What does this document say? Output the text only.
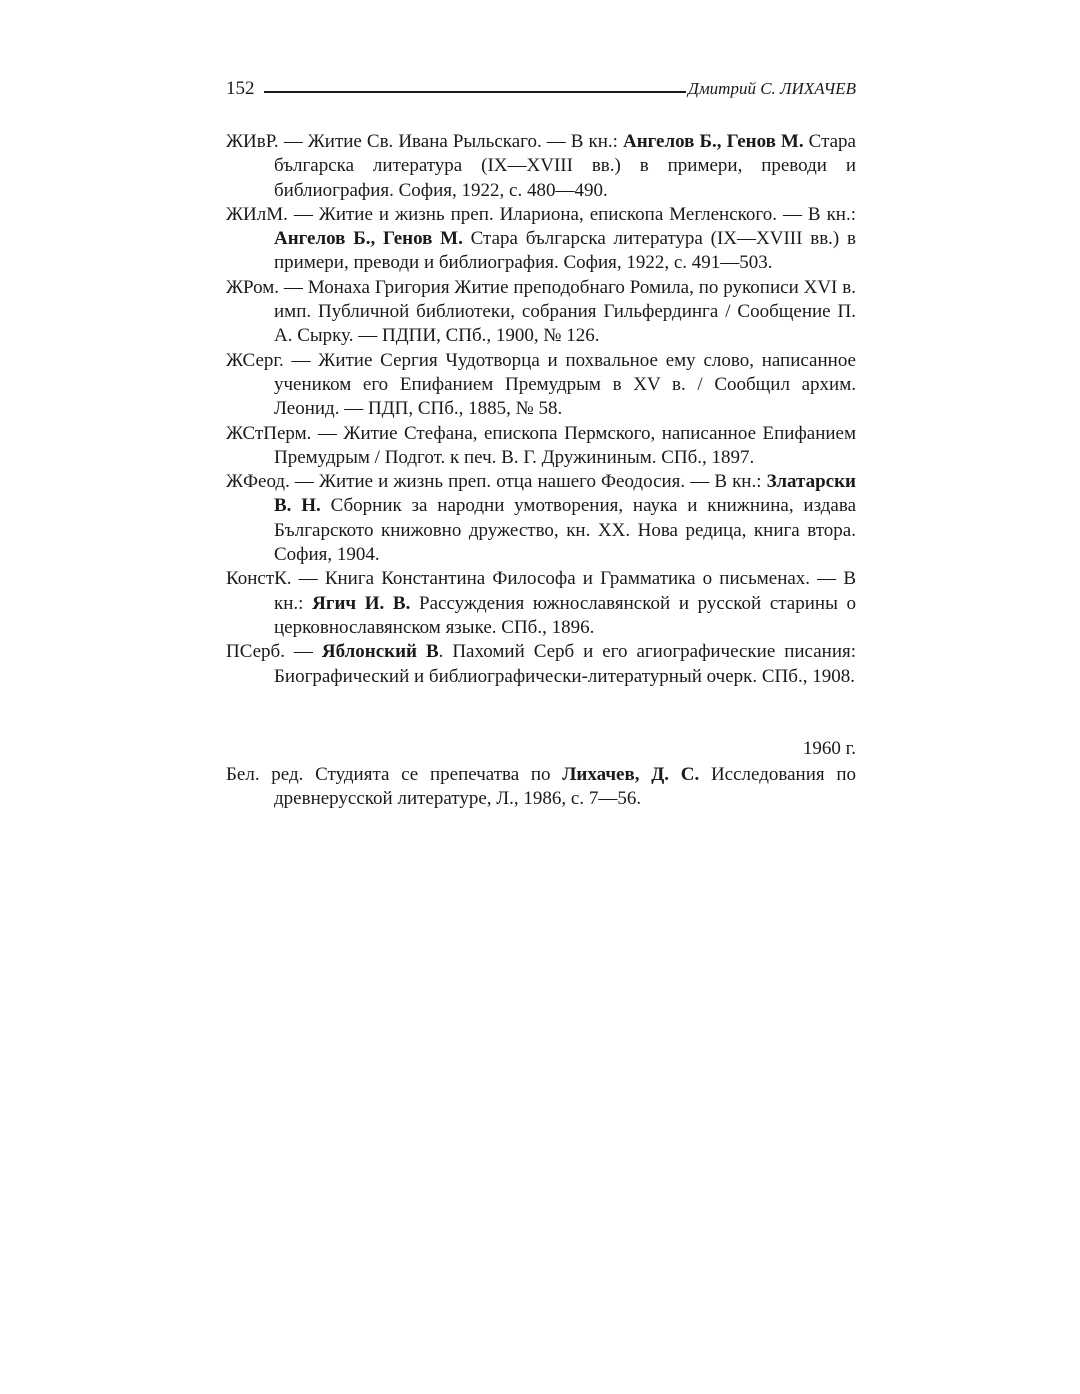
152	Дмитрий С. ЛИХАЧЕВ

ЖИвР. — Житие Св. Ивана Рыльскаго. — В кн.: Ангелов Б., Генов М. Стара българска литература (IX—XVIII вв.) в примери, преводи и библиография. София, 1922, с. 480—490.

ЖИлМ. — Житие и жизнь преп. Илариона, епископа Мегленского. — В кн.: Ангелов Б., Генов М. Стара българска литература (IX—XVIII вв.) в примери, преводи и библиография. София, 1922, с. 491—503.

ЖРом. — Монаха Григория Житие преподобнаго Ромила, по рукописи XVI в. имп. Публичной библиотеки, собрания Гильфердинга / Сообщение П. А. Сырку. — ПДПИ, СПб., 1900, № 126.

ЖСерг. — Житие Сергия Чудотворца и похвальное ему слово, написанное учеником его Епифанием Премудрым в XV в. / Сообщил архим. Леонид. — ПДП, СПб., 1885, № 58.

ЖСтПерм. — Житие Стефана, епископа Пермского, написанное Епифанием Премудрым / Подгот. к печ. В. Г. Дружининым. СПб., 1897.

ЖФеод. — Житие и жизнь преп. отца нашего Феодосия. — В кн.: Златарски В. Н. Сборник за народни умотворения, наука и книжнина, издава Българското книжовно дружество, кн. XX. Нова редица, книга втора. София, 1904.

КонстК. — Книга Константина Философа и Грамматика о письменах. — В кн.: Ягич И. В. Рассуждения южнославянской и русской старины о церковнославянском языке. СПб., 1896.

ПСерб. — Яблонский В. Пахомий Серб и его агиографические писания: Биографический и библиографически-литературный очерк. СПб., 1908.

1960 г.
Бел. ред. Студията се препечатва по Лихачев, Д. С. Исследования по древнерусской литературе, Л., 1986, с. 7—56.
